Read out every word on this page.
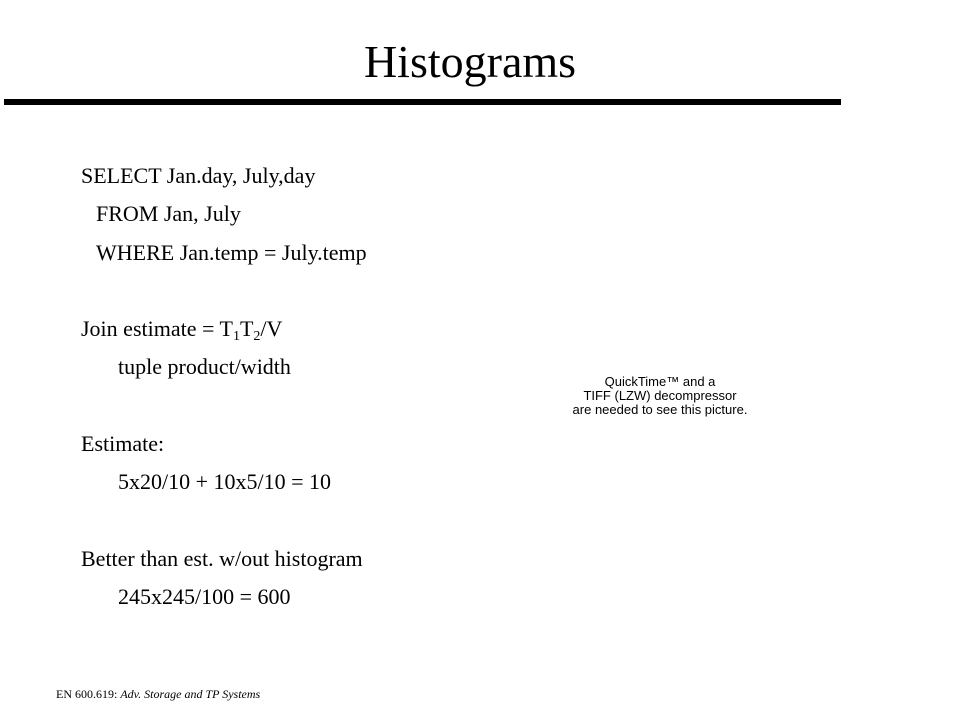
Histograms
SELECT Jan.day, July,day
FROM Jan, July
WHERE Jan.temp = July.temp
Join estimate = $T_1T_2/V$
tuple product/width
Estimate:
5x20/10 + 10x5/10 = 10
Better than est. w/out histogram
245x245/100 = 600
QuickTime™ and a
TIFF (LZW) decompressor
are needed to see this picture.
EN 600.619: Adv. Storage and TP Systems
